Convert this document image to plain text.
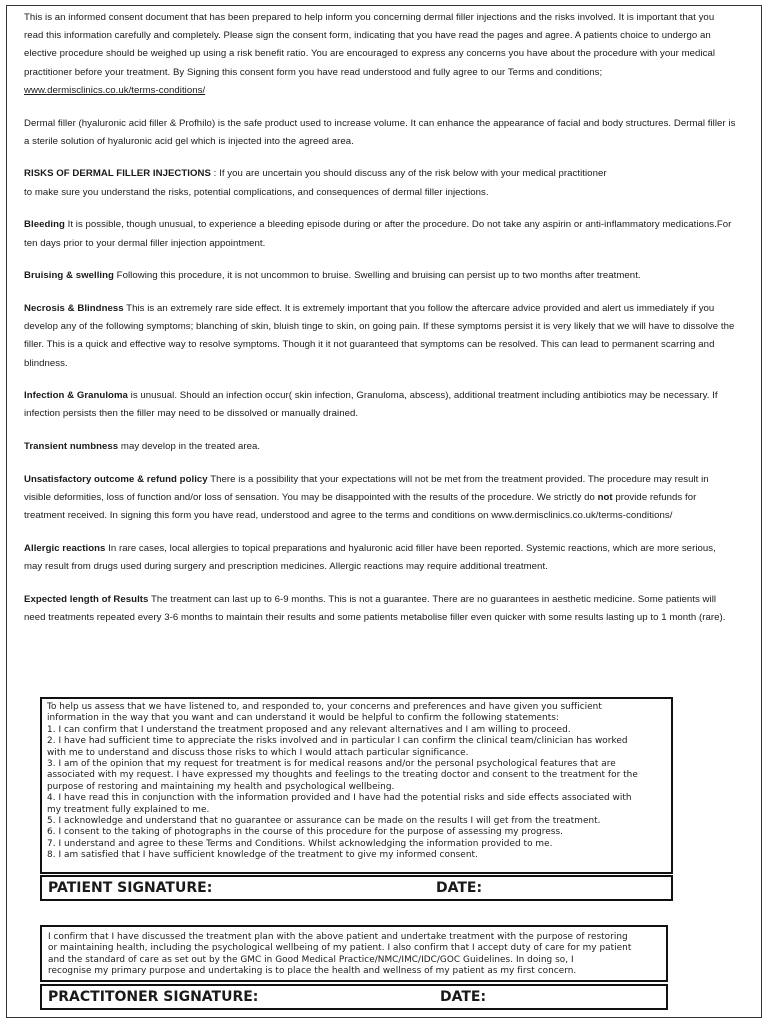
This is an informed consent document that has been prepared to help inform you concerning dermal filler injections and the risks involved. It is important that you read this information carefully and completely. Please sign the consent form, indicating that you have read the pages and agree. A patients choice to undergo an elective procedure should be weighed up using a risk benefit ratio. You are encouraged to express any concerns you have about the procedure with your medical practitioner before your treatment. By Signing this consent form you have read understood and fully agree to our Terms and conditions; www.dermisclinics.co.uk/terms-conditions/

Dermal filler (hyaluronic acid filler & Profhilo) is the safe product used to increase volume. It can enhance the appearance of facial and body structures. Dermal filler is a sterile solution of hyaluronic acid gel which is injected into the agreed area.

RISKS OF DERMAL FILLER INJECTIONS : If you are uncertain you should discuss any of the risk below with your medical practitioner
to make sure you understand the risks, potential complications, and consequences of dermal filler injections.

Bleeding It is possible, though unusual, to experience a bleeding episode during or after the procedure. Do not take any aspirin or anti-inflammatory medications.For ten days prior to your dermal filler injection appointment.

Bruising & swelling Following this procedure, it is not uncommon to bruise. Swelling and bruising can persist up to two months after treatment.

Necrosis & Blindness This is an extremely rare side effect. It is extremely important that you follow the aftercare advice provided and alert us immediately if you develop any of the following symptoms; blanching of skin, bluish tinge to skin, on going pain. If these symptoms persist it is very likely that we will have to dissolve the filler. This is a quick and effective way to resolve symptoms. Though it it not guaranteed that symptoms can be resolved. This can lead to permanent scarring and blindness.

Infection & Granuloma is unusual. Should an infection occur( skin infection, Granuloma, abscess), additional treatment including antibiotics may be necessary. If infection persists then the filler may need to be dissolved or manually drained.

Transient numbness may develop in the treated area.

Unsatisfactory outcome & refund policy There is a possibility that your expectations will not be met from the treatment provided. The procedure may result in visible deformities, loss of function and/or loss of sensation. You may be disappointed with the results of the procedure. We strictly do not provide refunds for treatment received. In signing this form you have read, understood and agree to the terms and conditions on www.dermisclinics.co.uk/terms-conditions/

Allergic reactions In rare cases, local allergies to topical preparations and hyaluronic acid filler have been reported. Systemic reactions, which are more serious, may result from drugs used during surgery and prescription medicines. Allergic reactions may require additional treatment.

Expected length of Results The treatment can last up to 6-9 months. This is not a guarantee. There are no guarantees in aesthetic medicine. Some patients will need treatments repeated every 3-6 months to maintain their results and some patients metabolise filler even quicker with some results lasting up to 1 month (rare).

To help us assess that we have listened to, and responded to, your concerns and preferences and have given you sufficient
information in the way that you want and can understand it would be helpful to confirm the following statements:
1. I can confirm that I understand the treatment proposed and any relevant alternatives and I am willing to proceed.
2. I have had sufficient time to appreciate the risks involved and in particular I can confirm the clinical team/clinician has worked
with me to understand and discuss those risks to which I would attach particular significance.
3. I am of the opinion that my request for treatment is for medical reasons and/or the personal psychological features that are
associated with my request. I have expressed my thoughts and feelings to the treating doctor and consent to the treatment for the
purpose of restoring and maintaining my health and psychological wellbeing.
4. I have read this in conjunction with the information provided and I have had the potential risks and side effects associated with
my treatment fully explained to me.
5. I acknowledge and understand that no guarantee or assurance can be made on the results I will get from the treatment.
6. I consent to the taking of photographs in the course of this procedure for the purpose of assessing my progress.
7. I understand and agree to these Terms and Conditions. Whilst acknowledging the information provided to me.
8. I am satisfied that I have sufficient knowledge of the treatment to give my informed consent.
PATIENT SIGNATURE:	DATE:
I confirm that I have discussed the treatment plan with the above patient and undertake treatment with the purpose of restoring
or maintaining health, including the psychological wellbeing of my patient. I also confirm that I accept duty of care for my patient
and the standard of care as set out by the GMC in Good Medical Practice/NMC/IMC/IDC/GOC Guidelines. In doing so, I
recognise my primary purpose and undertaking is to place the health and wellness of my patient as my first concern.
PRACTITONER SIGNATURE:	DATE:
